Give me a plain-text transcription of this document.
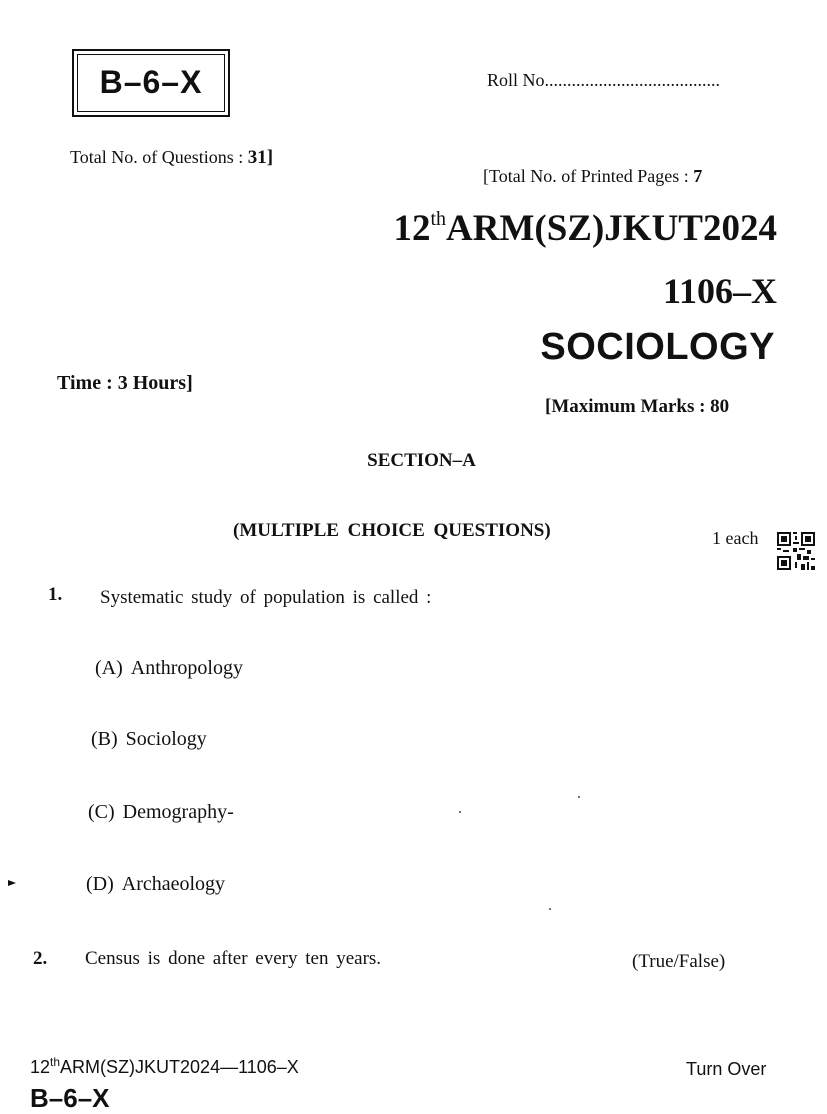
B–6–X	Roll No.......................................
Total No. of Questions : 31]
[Total No. of Printed Pages : 7
12thARM(SZ)JKUT2024
1106–X
SOCIOLOGY
Time : 3 Hours]
[Maximum Marks : 80
SECTION–A
(MULTIPLE CHOICE QUESTIONS)	1 each
1. Systematic study of population is called :
(A) Anthropology
(B) Sociology
(C) Demography-
(D) Archaeology
2. Census is done after every ten years.	(True/False)
12thARM(SZ)JKUT2024—1106–X	Turn Over
B–6–X
